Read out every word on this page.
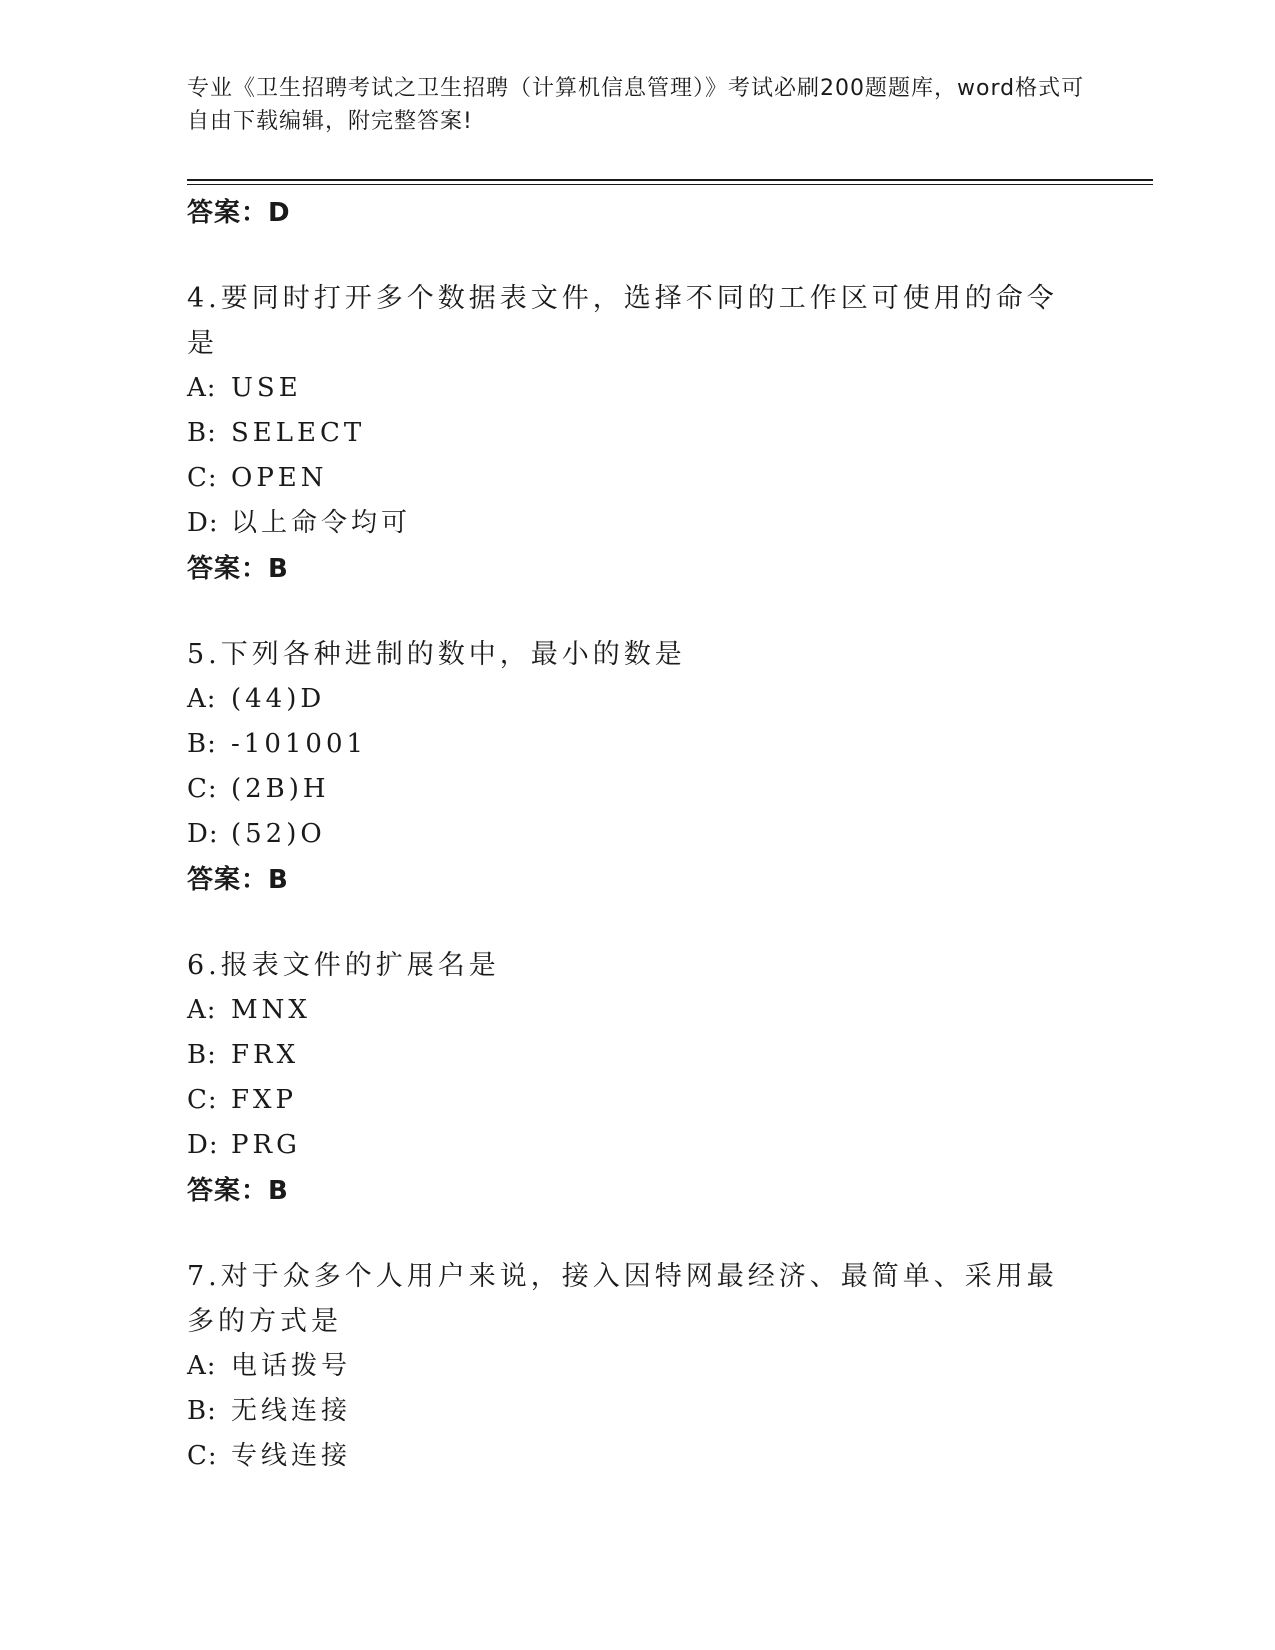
专业《卫生招聘考试之卫生招聘（计算机信息管理）》考试必刷200题题库，word格式可自由下载编辑，附完整答案!
答案：D
4.要同时打开多个数据表文件，选择不同的工作区可使用的命令是
A: USE
B: SELECT
C: OPEN
D: 以上命令均可
答案：B
5.下列各种进制的数中，最小的数是
A: (44)D
B: -101001
C: (2B)H
D: (52)O
答案：B
6.报表文件的扩展名是
A: MNX
B: FRX
C: FXP
D: PRG
答案：B
7.对于众多个人用户来说，接入因特网最经济、最简单、采用最多的方式是
A: 电话拨号
B: 无线连接
C: 专线连接
